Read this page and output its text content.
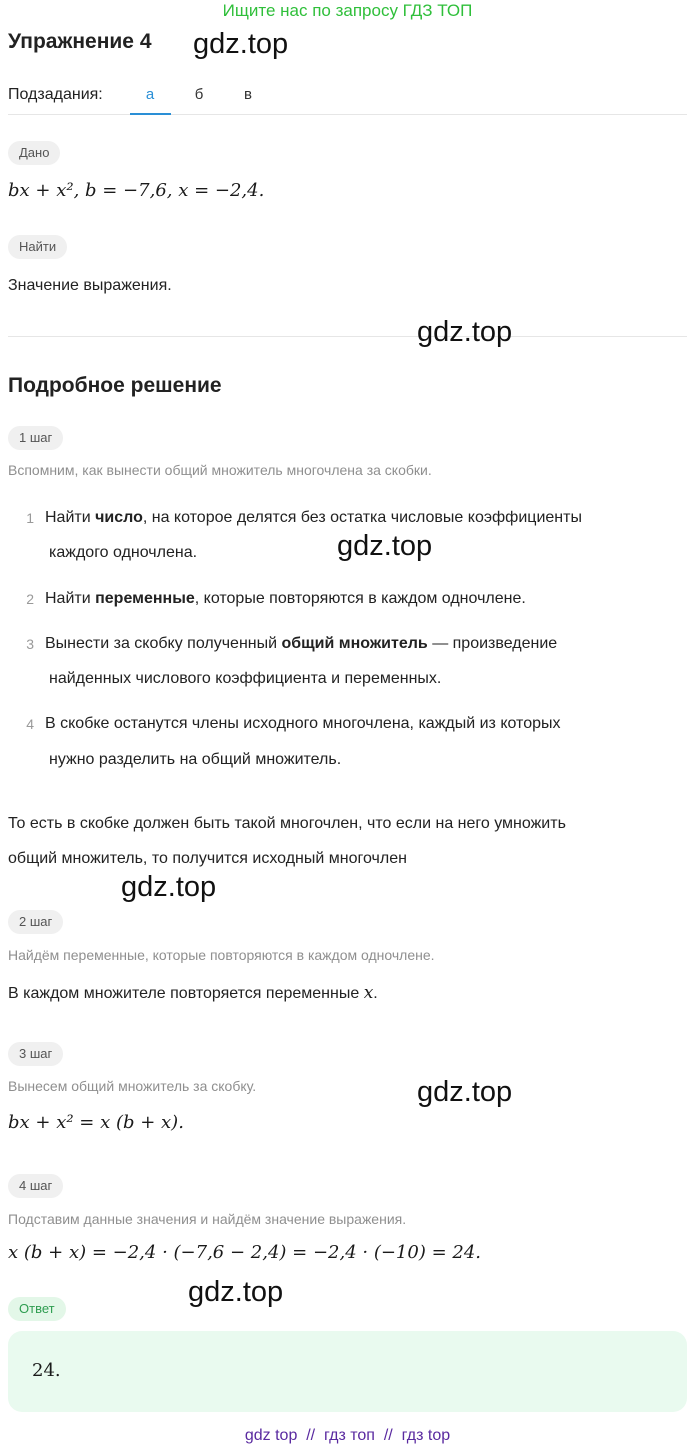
Ищите нас по запросу ГДЗ ТОП
Упражнение 4 gdz.top
Подзадания:	а	б	в
Дано
bx + x², b = −7,6, x = −2,4.
Найти
Значение выражения.
gdz.top
Подробное решение
1 шаг
Вспомним, как вынести общий множитель многочлена за скобки.
1 Найти число, на которое делятся без остатка числовые коэффициенты
каждого одночлена.	gdz.top
2 Найти переменные, которые повторяются в каждом одночлене.
3 Вынести за скобку полученный общий множитель — произведение
найденных числового коэффициента и переменных.
4 В скобке останутся члены исходного многочлена, каждый из которых
нужно разделить на общий множитель.
То есть в скобке должен быть такой многочлен, что если на него умножить
общий множитель, то получится исходный многочлен
gdz.top
2 шаг
Найдём переменные, которые повторяются в каждом одночлене.
В каждом множителе повторяется переменные x.
3 шаг
Вынесем общий множитель за скобку.	gdz.top
bx + x² = x (b + x).
4 шаг
Подставим данные значения и найдём значение выражения.
x (b + x) = −2,4 · (−7,6 − 2,4) = −2,4 · (−10) = 24.
gdz.top
Ответ
24.
gdz top // гдз топ // гдз top
